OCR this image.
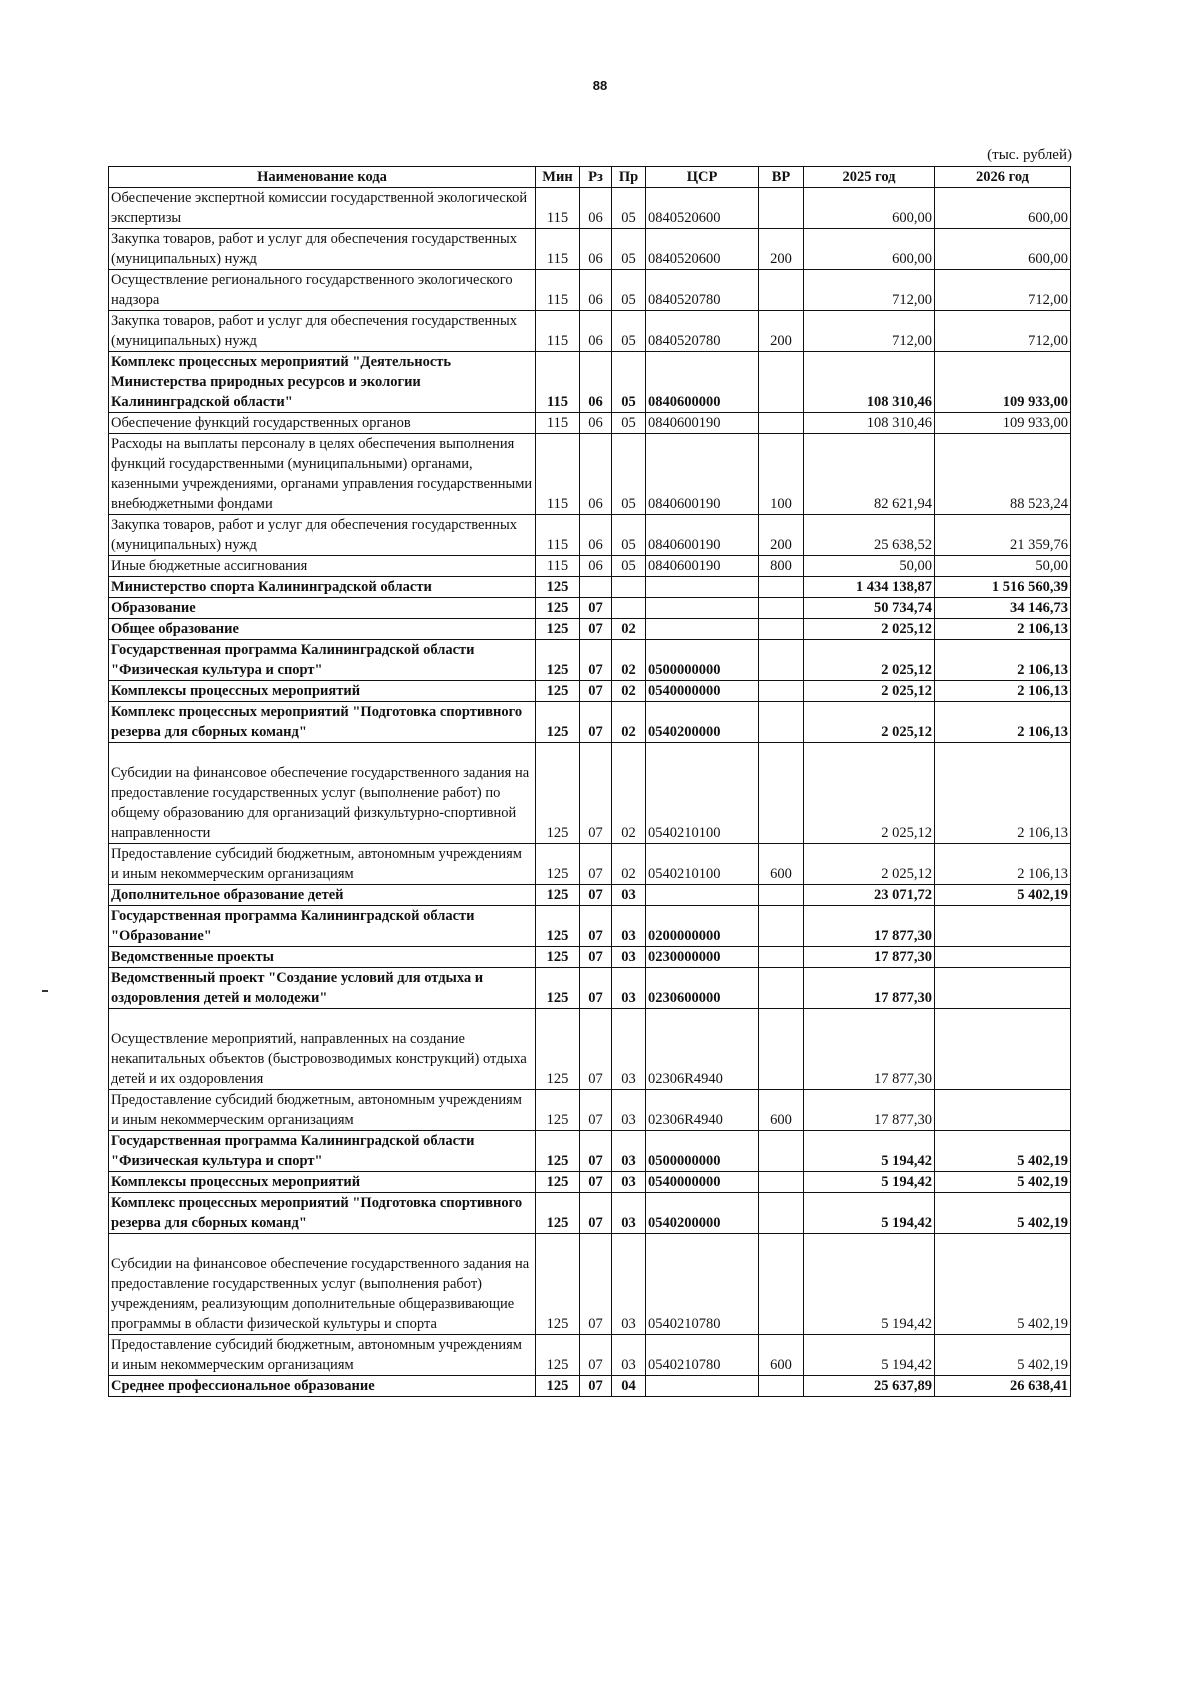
88
(тыс. рублей)
Наименование кода	Мин	Рз	Пр	ЦСР	ВР	2025 год	2026 год
Обеспечение экспертной комиссии государственной экологической экспертизы	115	06	05	0840520600		600,00	600,00
Закупка товаров, работ и услуг для обеспечения государственных (муниципальных) нужд	115	06	05	0840520600	200	600,00	600,00
Осуществление регионального государственного экологического надзора	115	06	05	0840520780		712,00	712,00
Закупка товаров, работ и услуг для обеспечения государственных (муниципальных) нужд	115	06	05	0840520780	200	712,00	712,00
Комплекс процессных мероприятий "Деятельность Министерства природных ресурсов и экологии Калининградской области"	115	06	05	0840600000		108 310,46	109 933,00
Обеспечение функций государственных органов	115	06	05	0840600190		108 310,46	109 933,00
Расходы на выплаты персоналу в целях обеспечения выполнения функций государственными (муниципальными) органами, казенными учреждениями, органами управления государственными внебюджетными фондами	115	06	05	0840600190	100	82 621,94	88 523,24
Закупка товаров, работ и услуг для обеспечения государственных (муниципальных) нужд	115	06	05	0840600190	200	25 638,52	21 359,76
Иные бюджетные ассигнования	115	06	05	0840600190	800	50,00	50,00
Министерство спорта Калининградской области	125					1 434 138,87	1 516 560,39
Образование	125	07				50 734,74	34 146,73
Общее образование	125	07	02			2 025,12	2 106,13
Государственная программа Калининградской области "Физическая культура и спорт"	125	07	02	0500000000		2 025,12	2 106,13
Комплексы процессных мероприятий	125	07	02	0540000000		2 025,12	2 106,13
Комплекс процессных мероприятий "Подготовка спортивного резерва для сборных команд"	125	07	02	0540200000		2 025,12	2 106,13
Субсидии на финансовое обеспечение государственного задания на предоставление государственных услуг (выполнение работ) по общему образованию для организаций физкультурно-спортивной направленности	125	07	02	0540210100		2 025,12	2 106,13
Предоставление субсидий бюджетным, автономным учреждениям и иным некоммерческим организациям	125	07	02	0540210100	600	2 025,12	2 106,13
Дополнительное образование детей	125	07	03			23 071,72	5 402,19
Государственная программа Калининградской области "Образование"	125	07	03	0200000000		17 877,30	
Ведомственные проекты	125	07	03	0230000000		17 877,30	
Ведомственный проект "Создание условий для отдыха и оздоровления детей и молодежи"	125	07	03	0230600000		17 877,30	
Осуществление мероприятий, направленных на создание некапитальных объектов (быстровозводимых конструкций) отдыха детей и их оздоровления	125	07	03	02306R4940		17 877,30	
Предоставление субсидий бюджетным, автономным учреждениям и иным некоммерческим организациям	125	07	03	02306R4940	600	17 877,30	
Государственная программа Калининградской области "Физическая культура и спорт"	125	07	03	0500000000		5 194,42	5 402,19
Комплексы процессных мероприятий	125	07	03	0540000000		5 194,42	5 402,19
Комплекс процессных мероприятий "Подготовка спортивного резерва для сборных команд"	125	07	03	0540200000		5 194,42	5 402,19
Субсидии на финансовое обеспечение государственного задания на предоставление государственных услуг (выполнения работ) учреждениям, реализующим дополнительные общеразвивающие программы в области физической культуры и спорта	125	07	03	0540210780		5 194,42	5 402,19
Предоставление субсидий бюджетным, автономным учреждениям и иным некоммерческим организациям	125	07	03	0540210780	600	5 194,42	5 402,19
Среднее профессиональное образование	125	07	04			25 637,89	26 638,41
